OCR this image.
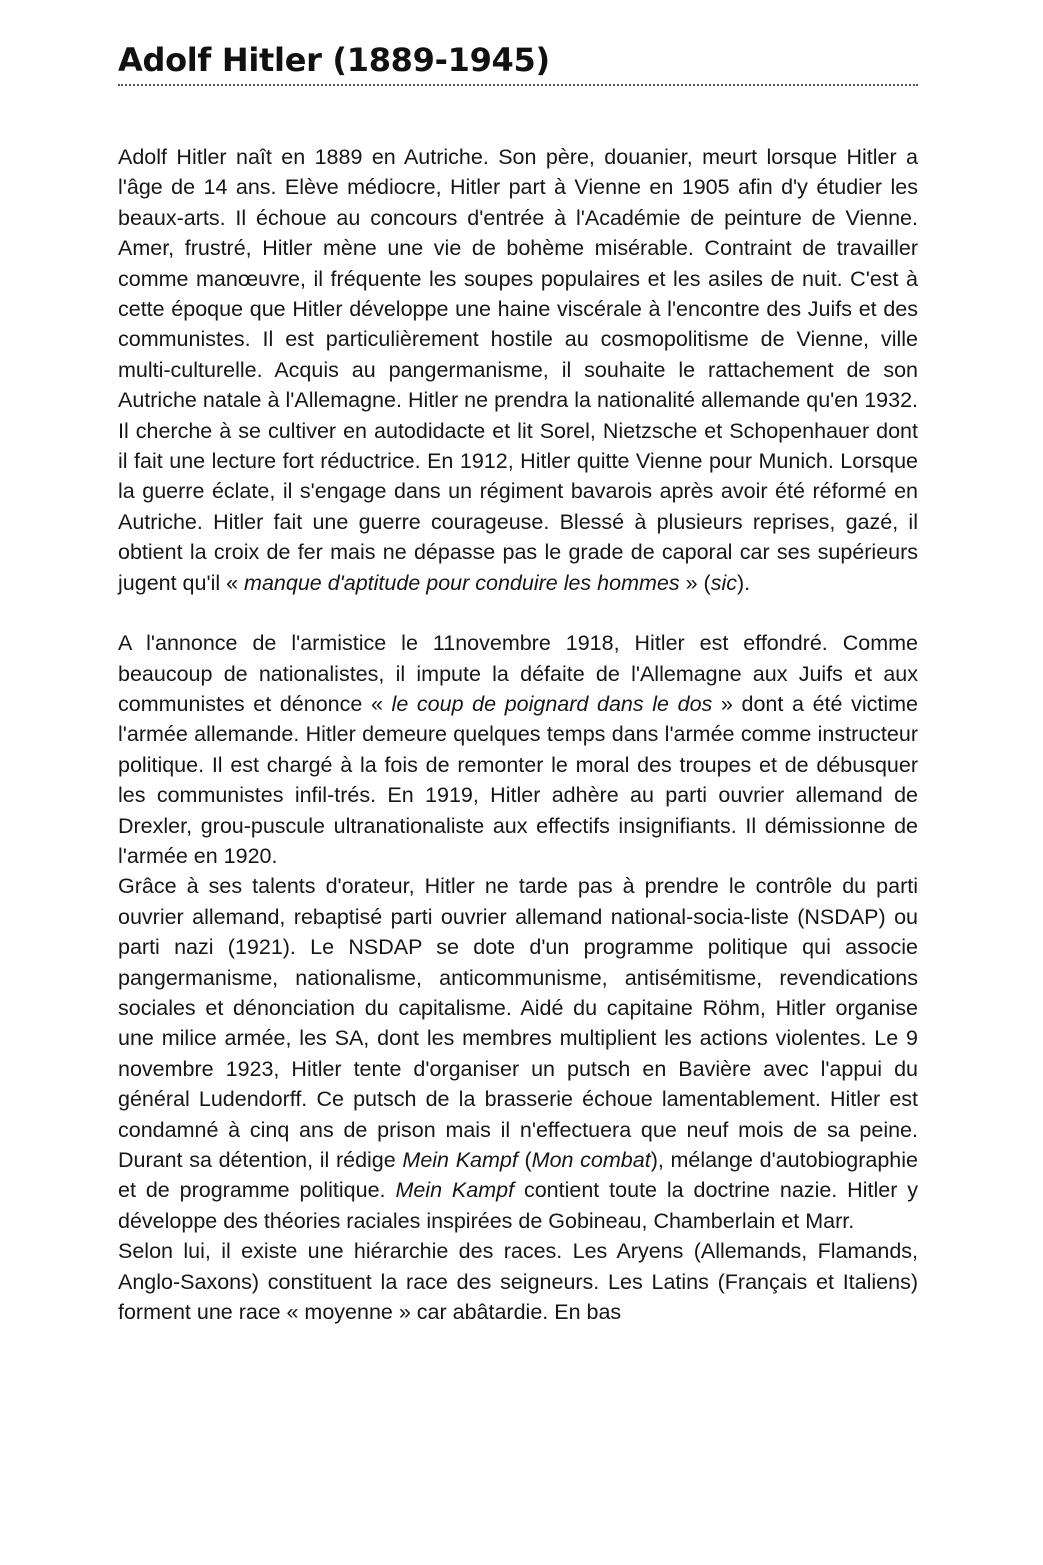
Adolf Hitler (1889-1945)

Adolf Hitler naît en 1889 en Autriche. Son père, douanier, meurt lorsque Hitler a l'âge de 14 ans. Elève médiocre, Hitler part à Vienne en 1905 afin d'y étudier les beaux-arts. Il échoue au concours d'entrée à l'Académie de peinture de Vienne. Amer, frustré, Hitler mène une vie de bohème misérable. Contraint de travailler comme manœuvre, il fréquente les soupes populaires et les asiles de nuit. C'est à cette époque que Hitler développe une haine viscérale à l'encontre des Juifs et des communistes. Il est particulièrement hostile au cosmopolitisme de Vienne, ville multi-culturelle. Acquis au pangermanisme, il souhaite le rattachement de son Autriche natale à l'Allemagne. Hitler ne prendra la nationalité allemande qu'en 1932. Il cherche à se cultiver en autodidacte et lit Sorel, Nietzsche et Schopenhauer dont il fait une lecture fort réductrice. En 1912, Hitler quitte Vienne pour Munich. Lorsque la guerre éclate, il s'engage dans un régiment bavarois après avoir été réformé en Autriche. Hitler fait une guerre courageuse. Blessé à plusieurs reprises, gazé, il obtient la croix de fer mais ne dépasse pas le grade de caporal car ses supérieurs jugent qu'il « manque d'aptitude pour conduire les hommes » (sic).

A l'annonce de l'armistice le 11novembre 1918, Hitler est effondré. Comme beaucoup de nationalistes, il impute la défaite de l'Allemagne aux Juifs et aux communistes et dénonce « le coup de poignard dans le dos » dont a été victime l'armée allemande. Hitler demeure quelques temps dans l'armée comme instructeur politique. Il est chargé à la fois de remonter le moral des troupes et de débusquer les communistes infil-trés. En 1919, Hitler adhère au parti ouvrier allemand de Drexler, grou-puscule ultranationaliste aux effectifs insignifiants. Il démissionne de l'armée en 1920.

Grâce à ses talents d'orateur, Hitler ne tarde pas à prendre le contrôle du parti ouvrier allemand, rebaptisé parti ouvrier allemand national-socia-liste (NSDAP) ou parti nazi (1921). Le NSDAP se dote d'un programme politique qui associe pangermanisme, nationalisme, anticommunisme, antisémitisme, revendications sociales et dénonciation du capitalisme. Aidé du capitaine Röhm, Hitler organise une milice armée, les SA, dont les membres multiplient les actions violentes. Le 9 novembre 1923, Hitler tente d'organiser un putsch en Bavière avec l'appui du général Ludendorff. Ce putsch de la brasserie échoue lamentablement. Hitler est condamné à cinq ans de prison mais il n'effectuera que neuf mois de sa peine. Durant sa détention, il rédige Mein Kampf (Mon combat), mélange d'autobiographie et de programme politique. Mein Kampf contient toute la doctrine nazie. Hitler y développe des théories raciales inspirées de Gobineau, Chamberlain et Marr.

Selon lui, il existe une hiérarchie des races. Les Aryens (Allemands, Flamands, Anglo-Saxons) constituent la race des seigneurs. Les Latins (Français et Italiens) forment une race « moyenne » car abâtardie. En bas
